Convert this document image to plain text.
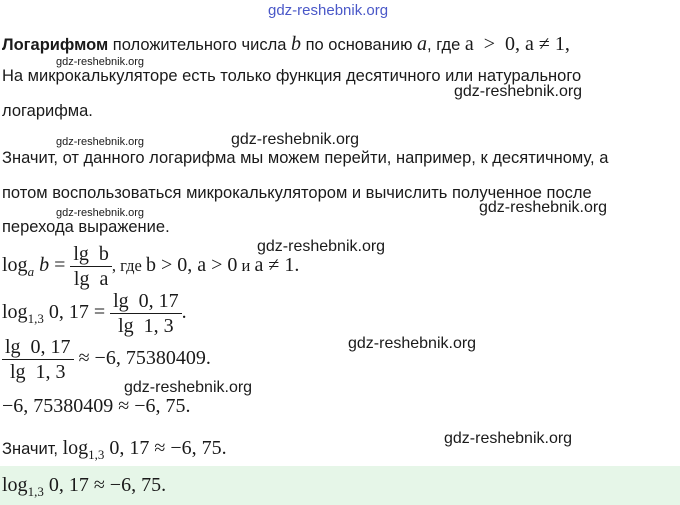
gdz-reshebnik.org
Логарифмом положительного числа b по основанию a, где a  >  0, a ≠ 1,
На микрокалькуляторе есть только функция десятичного или натурального
gdz-reshebnik.org
логарифма.
gdz-reshebnik.org
gdz-reshebnik.org	gdz-reshebnik.org
Значит, от данного логарифма мы можем перейти, например, к десятичному, а
потом воспользоваться микрокалькулятором и вычислить полученное после
gdz-reshebnik.org
gdz-reshebnik.org
перехода выражение.
gdz-reshebnik.org
$\log_a b = \frac{\text{lg  b}}{\text{lg  a}}$ , где b > 0, a > 0 и a ≠ 1.
$\log_{1,3} 0$, $17 = \frac{\lg 0, 17}{\lg 1, 3}$ .
gdz-reshebnik.org
$\frac{\lg 0, 17}{\lg 1, 3} \approx -6$, 75380409.
gdz-reshebnik.org
−6, 75380409 ≈ −6, 75.
gdz-reshebnik.org
Значит, $\log_{1,3} 0$, 17 ≈ −6, 75.
$\log_{1,3} 0$, 17 ≈ −6, 75.
